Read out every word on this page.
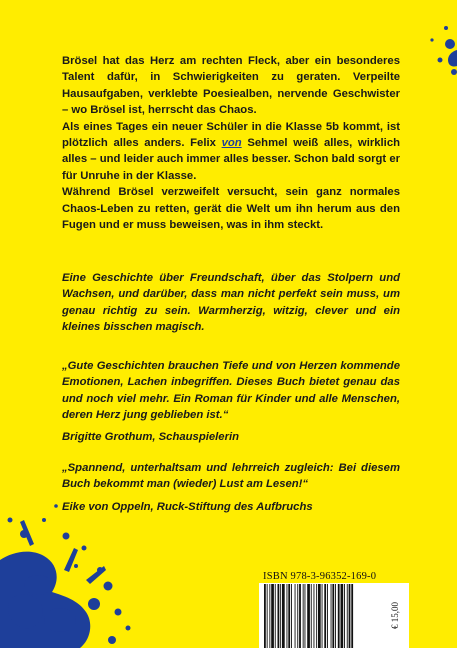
Brösel hat das Herz am rechten Fleck, aber ein besonderes Talent dafür, in Schwierigkeiten zu geraten. Verpeilte Hausaufgaben, verklebte Poesiealben, nervende Geschwister – wo Brösel ist, herrscht das Chaos.

Als eines Tages ein neuer Schüler in die Klasse 5b kommt, ist plötzlich alles anders. Felix von Sehmel weiß alles, wirklich alles – und leider auch immer alles besser. Schon bald sorgt er für Unruhe in der Klasse.

Während Brösel verzweifelt versucht, sein ganz normales Chaos-Leben zu retten, gerät die Welt um ihn herum aus den Fugen und er muss beweisen, was in ihm steckt.

Eine Geschichte über Freundschaft, über das Stolpern und Wachsen, und darüber, dass man nicht perfekt sein muss, um genau richtig zu sein. Warmherzig, witzig, clever und ein kleines bisschen magisch.

„Gute Geschichten brauchen Tiefe und von Herzen kommende Emotionen, Lachen inbegriffen. Dieses Buch bietet genau das und noch viel mehr. Ein Roman für Kinder und alle Menschen, deren Herz jung geblieben ist.“

Brigitte Grothum, Schauspielerin

„Spannend, unterhaltsam und lehrreich zugleich: Bei diesem Buch bekommt man (wieder) Lust am Lesen!“

Eike von Oppeln, Ruck-Stiftung des Aufbruchs
ISBN 978-3-96352-169-0
€ 15,00
